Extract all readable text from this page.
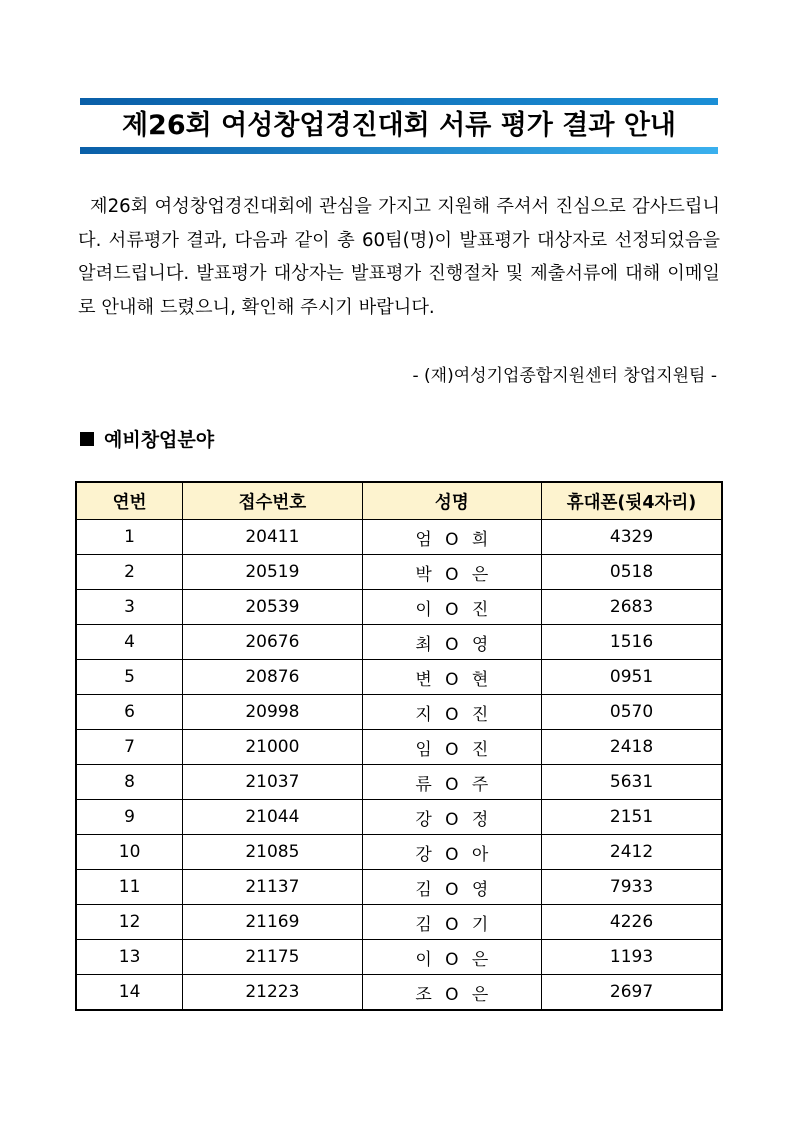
제26회 여성창업경진대회 서류 평가 결과 안내

제26회 여성창업경진대회에 관심을 가지고 지원해 주셔서 진심으로 감사드립니다. 서류평가 결과, 다음과 같이 총 60팀(명)이 발표평가 대상자로 선정되었음을 알려드립니다. 발표평가 대상자는 발표평가 진행절차 및 제출서류에 대해 이메일로 안내해 드렸으니, 확인해 주시기 바랍니다.

- (재)여성기업종합지원센터 창업지원팀 -
예비창업분야
연번	접수번호	성명	휴대폰(뒷4자리)
1	20411	엄 O 희	4329
2	20519	박 O 은	0518
3	20539	이 O 진	2683
4	20676	최 O 영	1516
5	20876	변 O 현	0951
6	20998	지 O 진	0570
7	21000	임 O 진	2418
8	21037	류 O 주	5631
9	21044	강 O 정	2151
10	21085	강 O 아	2412
11	21137	김 O 영	7933
12	21169	김 O 기	4226
13	21175	이 O 은	1193
14	21223	조 O 은	2697
